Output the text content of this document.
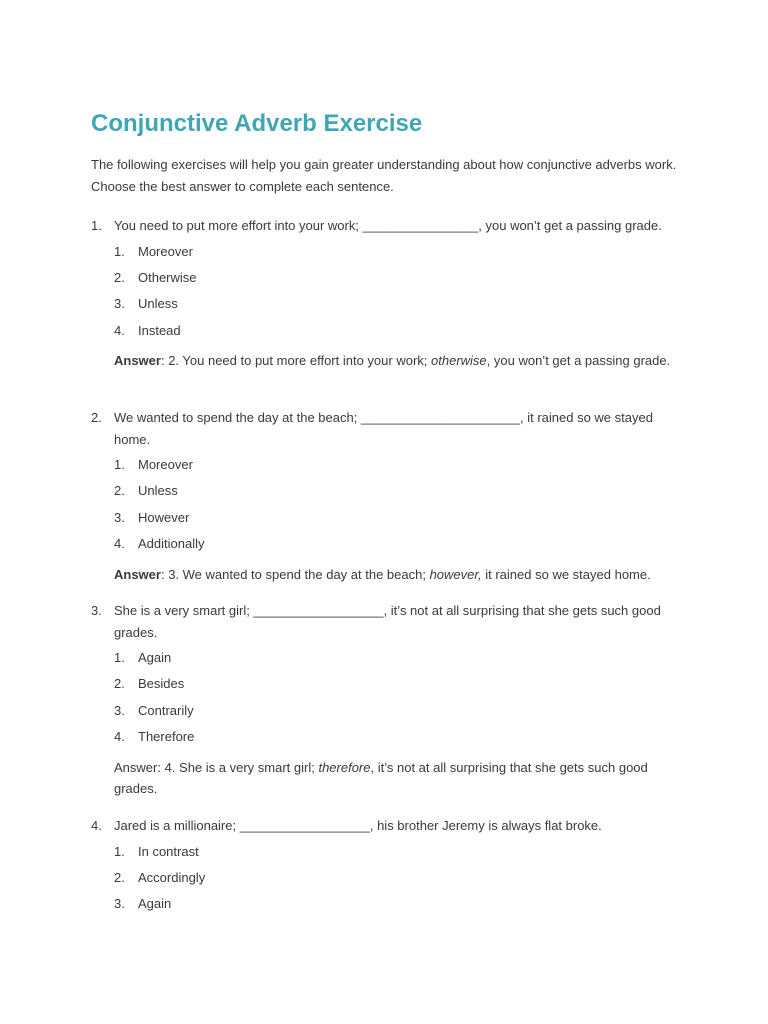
Conjunctive Adverb Exercise

The following exercises will help you gain greater understanding about how conjunctive adverbs work. Choose the best answer to complete each sentence.

1. You need to put more effort into your work; ________________, you won’t get a passing grade.
1. Moreover
2. Otherwise
3. Unless
4. Instead
Answer: 2. You need to put more effort into your work; otherwise, you won’t get a passing grade.
2. We wanted to spend the day at the beach; ______________________, it rained so we stayed home.
1. Moreover
2. Unless
3. However
4. Additionally
Answer: 3. We wanted to spend the day at the beach; however, it rained so we stayed home.
3. She is a very smart girl; __________________, it’s not at all surprising that she gets such good grades.
1. Again
2. Besides
3. Contrarily
4. Therefore
Answer: 4. She is a very smart girl; therefore, it’s not at all surprising that she gets such good grades.
4. Jared is a millionaire; __________________, his brother Jeremy is always flat broke.
1. In contrast
2. Accordingly
3. Again
